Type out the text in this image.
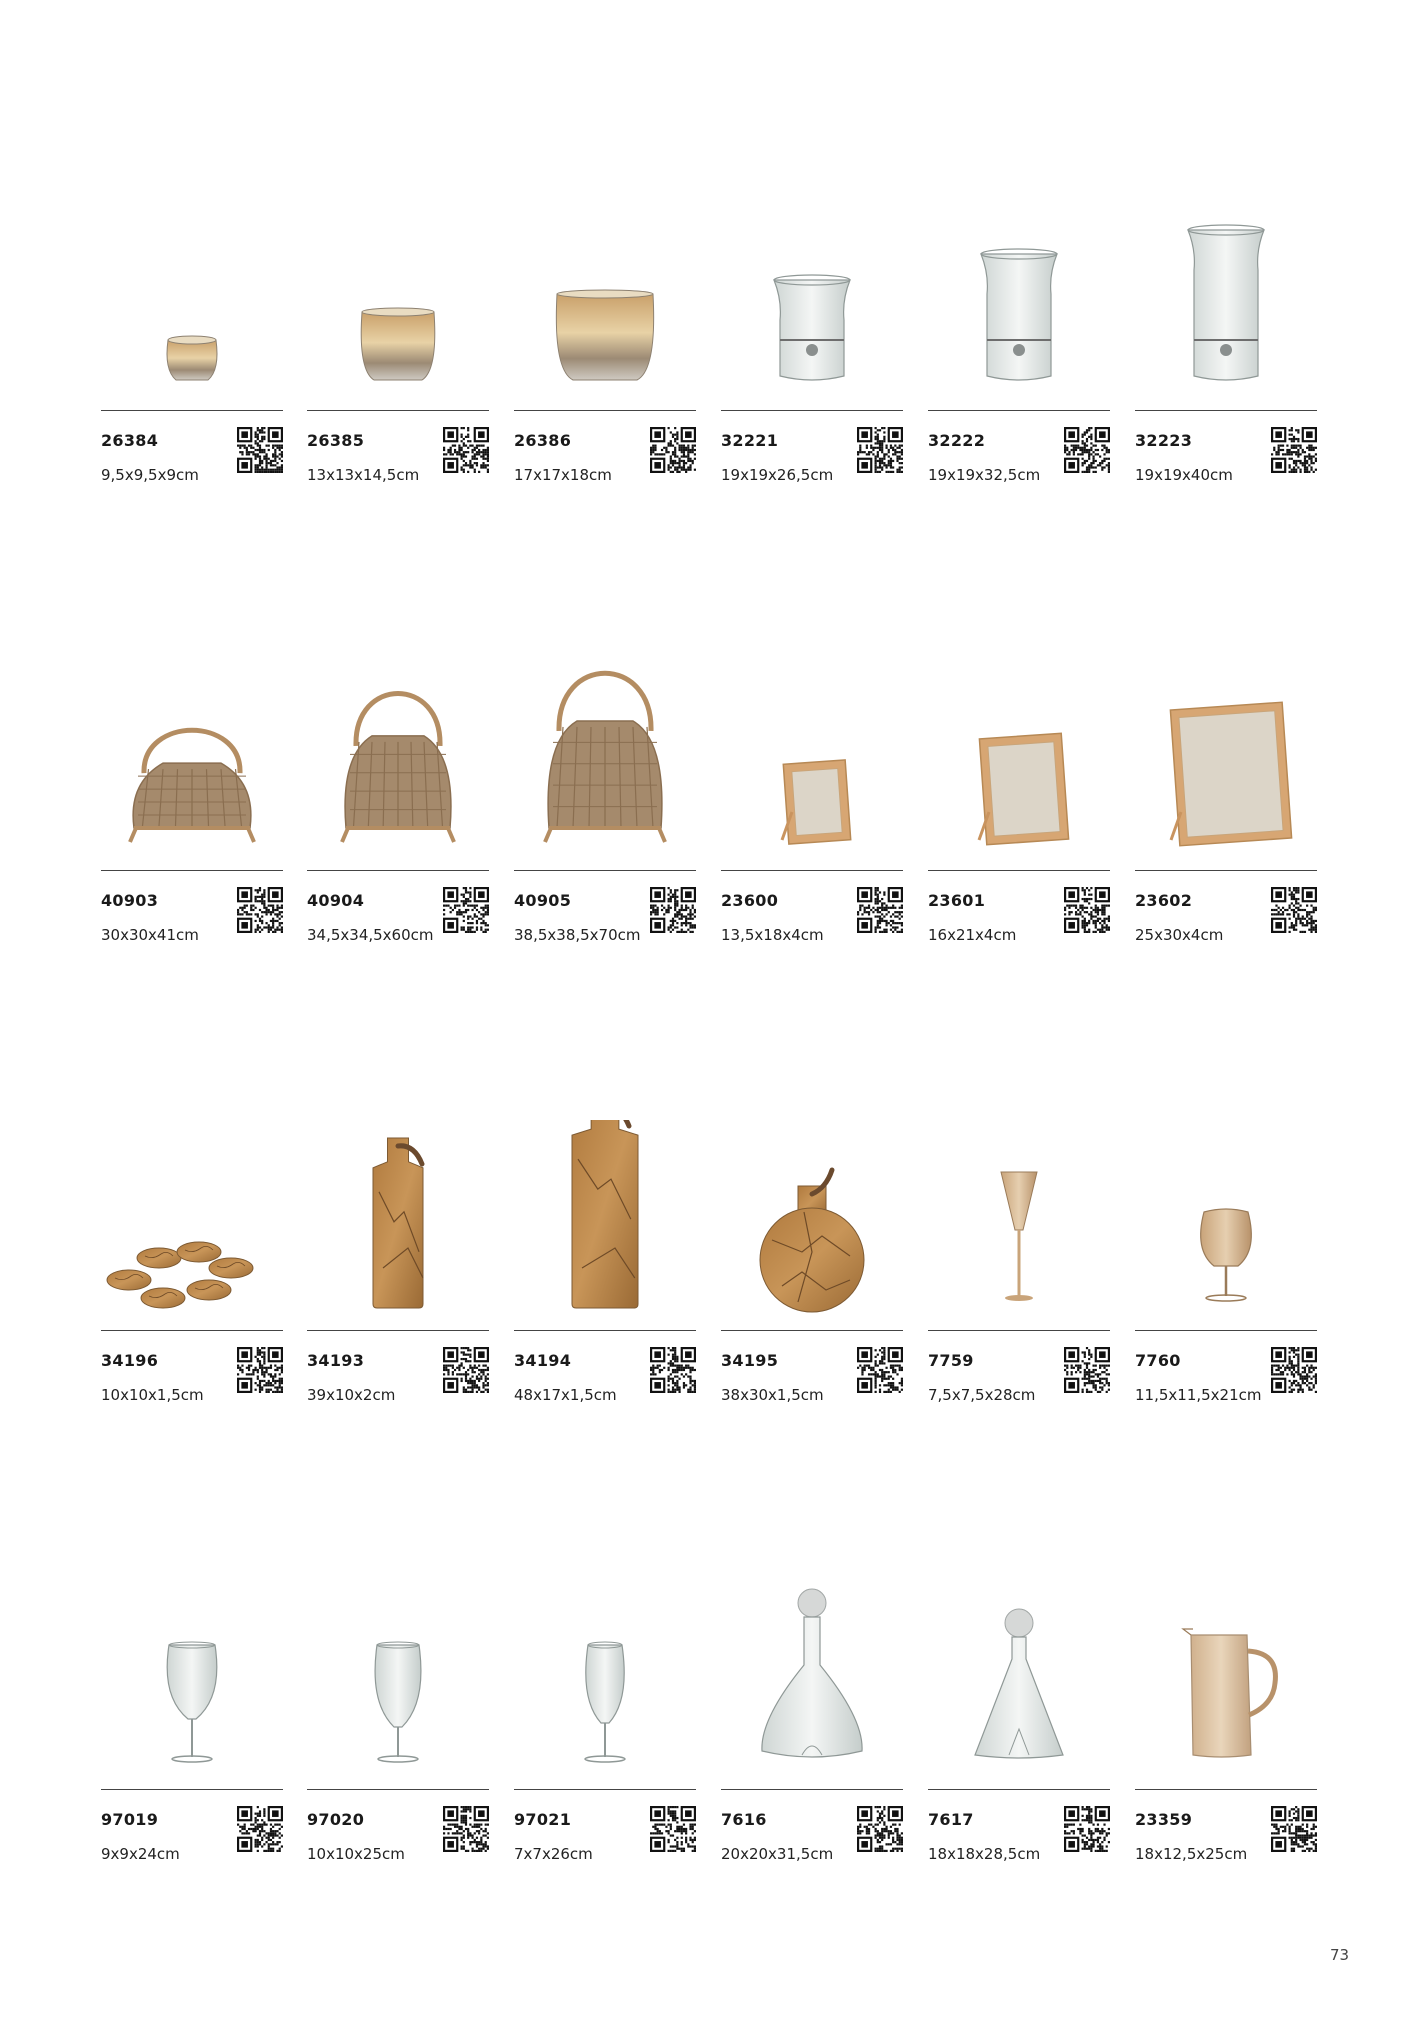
26384
9,5x9,5x9cm
26385
13x13x14,5cm
26386
17x17x18cm
32221
19x19x26,5cm
32222
19x19x32,5cm
32223
19x19x40cm
40903
30x30x41cm
40904
34,5x34,5x60cm
40905
38,5x38,5x70cm
23600
13,5x18x4cm
23601
16x21x4cm
23602
25x30x4cm
34196
10x10x1,5cm
34193
39x10x2cm
34194
48x17x1,5cm
34195
38x30x1,5cm
7759
7,5x7,5x28cm
7760
11,5x11,5x21cm
97019
9x9x24cm
97020
10x10x25cm
97021
7x7x26cm
7616
20x20x31,5cm
7617
18x18x28,5cm
23359
18x12,5x25cm
73
